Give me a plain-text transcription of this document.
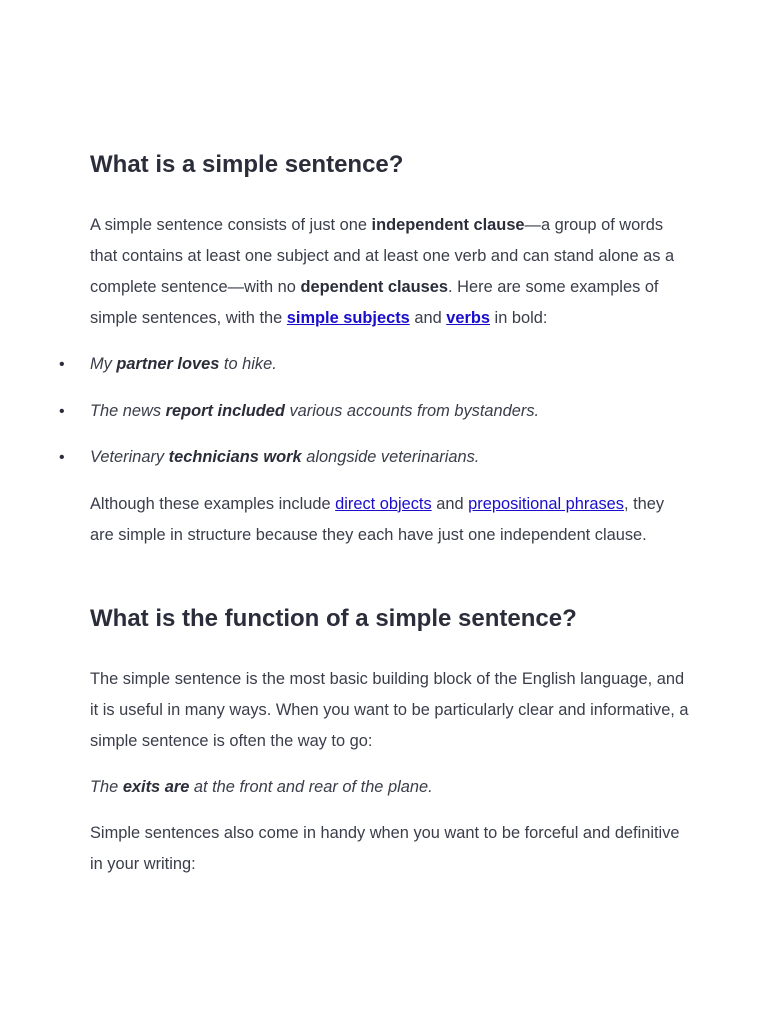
What is a simple sentence?

A simple sentence consists of just one independent clause—a group of words that contains at least one subject and at least one verb and can stand alone as a complete sentence—with no dependent clauses. Here are some examples of simple sentences, with the simple subjects and verbs in bold:

• My partner loves to hike.
• The news report included various accounts from bystanders.
• Veterinary technicians work alongside veterinarians.

Although these examples include direct objects and prepositional phrases, they are simple in structure because they each have just one independent clause.

What is the function of a simple sentence?

The simple sentence is the most basic building block of the English language, and it is useful in many ways. When you want to be particularly clear and informative, a simple sentence is often the way to go:

The exits are at the front and rear of the plane.

Simple sentences also come in handy when you want to be forceful and definitive in your writing:
